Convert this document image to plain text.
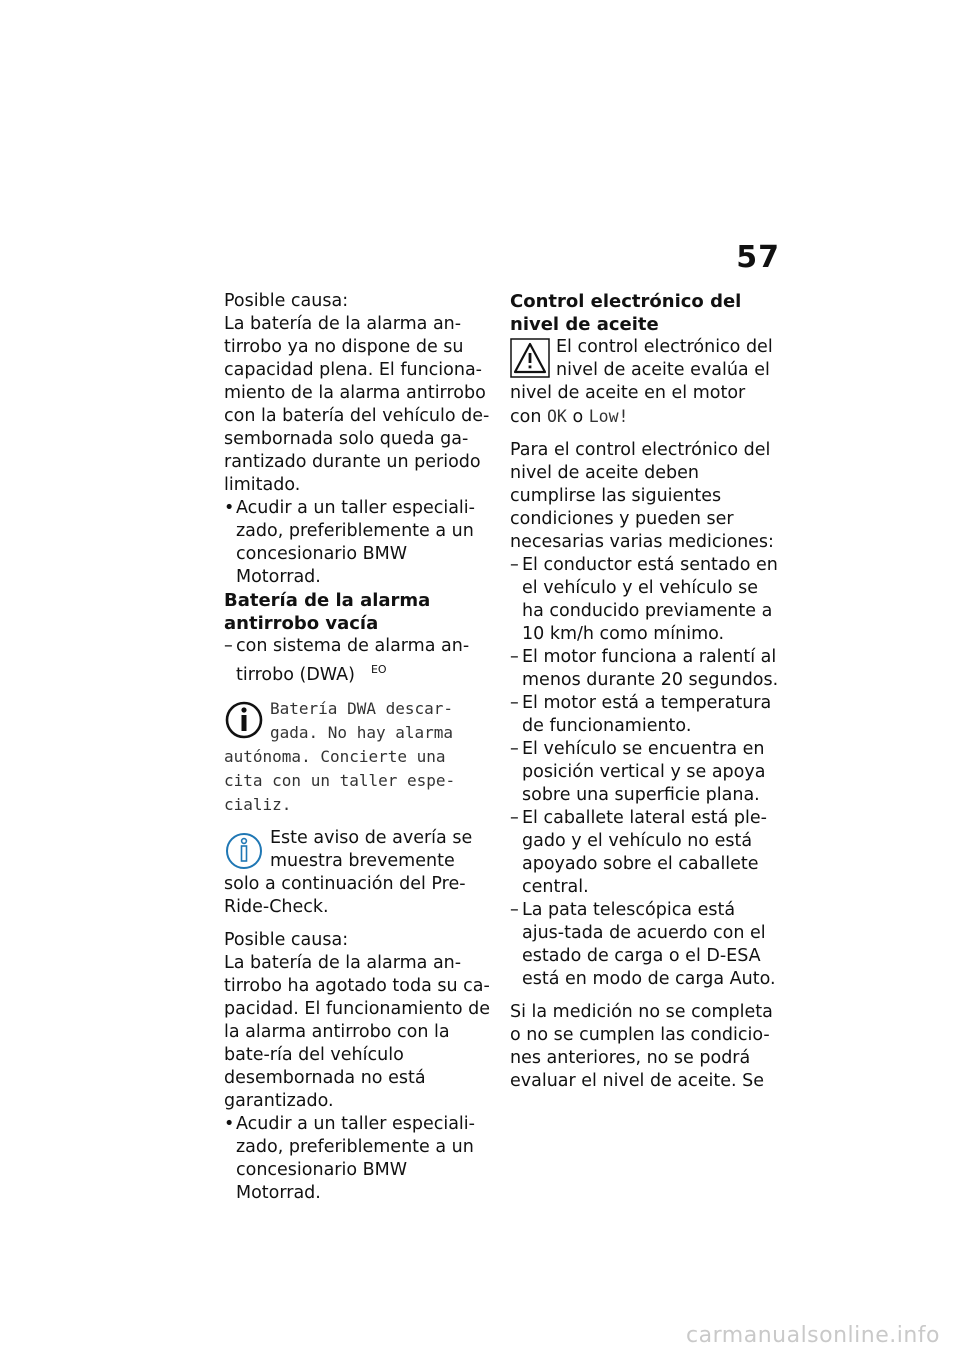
57

Posible causa:

La batería de la alarma an-tirrobo ya no dispone de su capacidad plena. El funciona-miento de la alarma antirrobo con la batería del vehículo de-sembornada solo queda ga-rantizado durante un periodo limitado.

• Acudir a un taller especiali-zado, preferiblemente a un concesionario BMW Motorrad.

Batería de la alarma antirrobo vacía

– con sistema de alarma an-tirrobo (DWA) $^{EO}$

Batería DWA descar-gada. No hay alarma autónoma. Concierte una cita con un taller espe-cializ.
Este aviso de avería se muestra brevemente solo a continuación del Pre-Ride-Check.

Posible causa:

La batería de la alarma an-tirrobo ha agotado toda su ca-pacidad. El funcionamiento de la alarma antirrobo con la bate-ría del vehículo desembornada no está garantizado.

• Acudir a un taller especiali-zado, preferiblemente a un concesionario BMW Motorrad.

Control electrónico del nivel de aceite

El control electrónico del nivel de aceite evalúa el nivel de aceite en el motor con OK o Low!

Para el control electrónico del nivel de aceite deben cumplirse las siguientes condiciones y pueden ser necesarias varias mediciones:

– El conductor está sentado en el vehículo y el vehículo se ha conducido previamente a 10 km/h como mínimo.

– El motor funciona a ralentí al menos durante 20 segundos.

– El motor está a temperatura de funcionamiento.

– El vehículo se encuentra en posición vertical y se apoya sobre una superficie plana.

– El caballete lateral está ple-gado y el vehículo no está apoyado sobre el caballete central.

– La pata telescópica está ajus-tada de acuerdo con el estado de carga o el D-ESA está en modo de carga Auto.

Si la medición no se completa o no se cumplen las condicio-nes anteriores, no se podrá evaluar el nivel de aceite. Se

carmanualsonline.info
